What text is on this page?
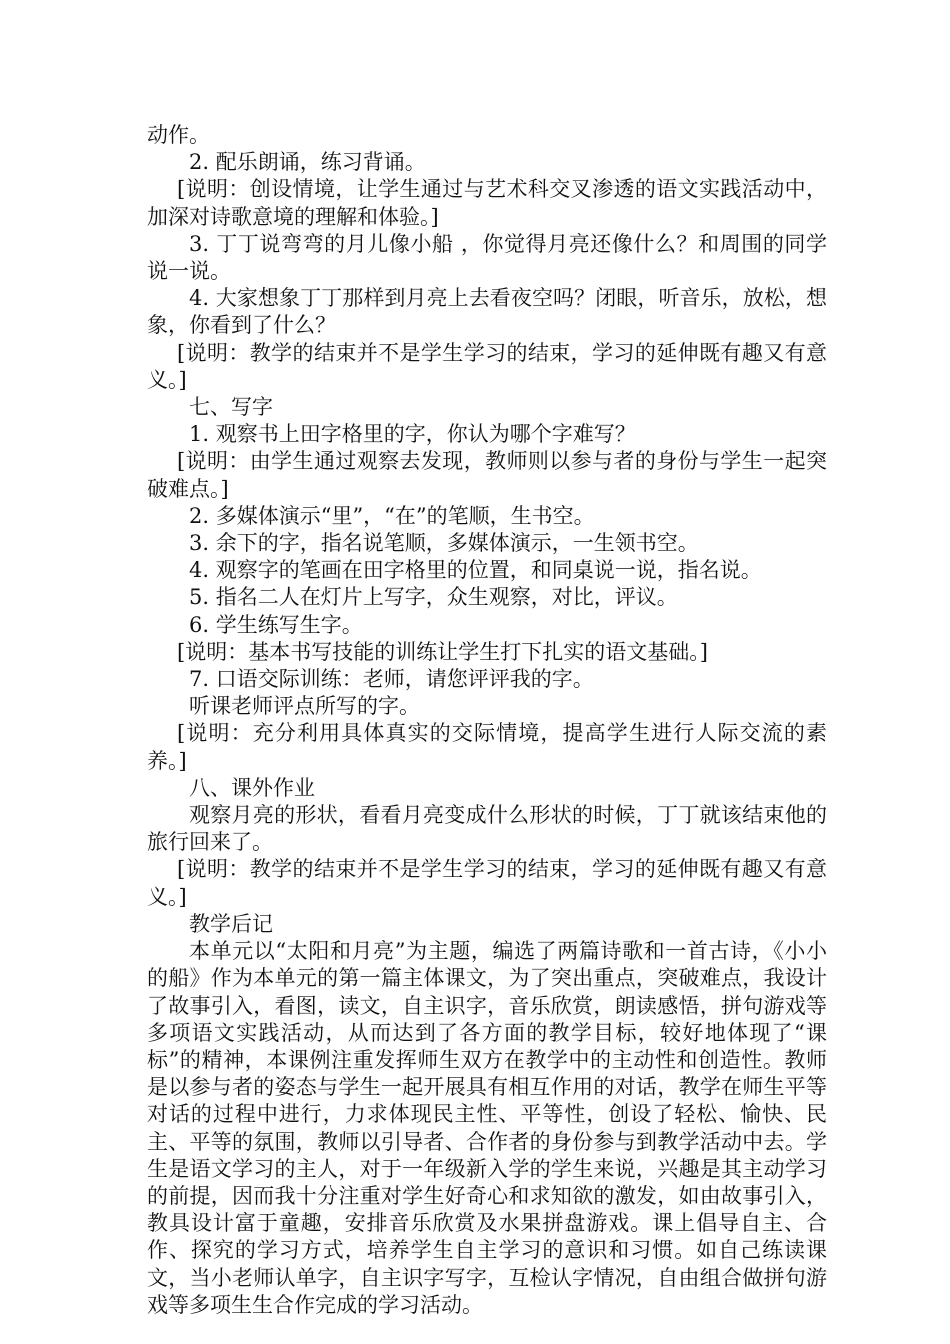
动作。

2. 配乐朗诵，练习背诵。

[说明：创设情境，让学生通过与艺术科交叉渗透的语文实践活动中，加深对诗歌意境的理解和体验。]

3. 丁丁说弯弯的月儿像小船 ，你觉得月亮还像什么？和周围的同学说一说。

4. 大家想象丁丁那样到月亮上去看夜空吗？闭眼，听音乐，放松，想象，你看到了什么？

[说明：教学的结束并不是学生学习的结束，学习的延伸既有趣又有意义。]

七、写字

1. 观察书上田字格里的字，你认为哪个字难写？

[说明：由学生通过观察去发现，教师则以参与者的身份与学生一起突破难点。]

2. 多媒体演示“里”，“在”的笔顺，生书空。

3. 余下的字，指名说笔顺，多媒体演示，一生领书空。

4. 观察字的笔画在田字格里的位置，和同桌说一说，指名说。

5. 指名二人在灯片上写字，众生观察，对比，评议。

6. 学生练写生字。

[说明：基本书写技能的训练让学生打下扎实的语文基础。]

7. 口语交际训练：老师，请您评评我的字。

听课老师评点所写的字。

[说明：充分利用具体真实的交际情境，提高学生进行人际交流的素养。]

八、课外作业

观察月亮的形状，看看月亮变成什么形状的时候，丁丁就该结束他的旅行回来了。

[说明：教学的结束并不是学生学习的结束，学习的延伸既有趣又有意义。]

教学后记

本单元以“太阳和月亮”为主题，编选了两篇诗歌和一首古诗，《小小的船》作为本单元的第一篇主体课文，为了突出重点，突破难点，我设计了故事引入，看图，读文，自主识字，音乐欣赏，朗读感悟，拼句游戏等多项语文实践活动，从而达到了各方面的教学目标，较好地体现了“课标”的精神，本课例注重发挥师生双方在教学中的主动性和创造性。教师是以参与者的姿态与学生一起开展具有相互作用的对话，教学在师生平等对话的过程中进行，力求体现民主性、平等性，创设了轻松、愉快、民主、平等的氛围，教师以引导者、合作者的身份参与到教学活动中去。学生是语文学习的主人，对于一年级新入学的学生来说，兴趣是其主动学习的前提，因而我十分注重对学生好奇心和求知欲的激发，如由故事引入，教具设计富于童趣，安排音乐欣赏及水果拼盘游戏。课上倡导自主、合作、探究的学习方式，培养学生自主学习的意识和习惯。如自己练读课文，当小老师认单字，自主识字写字，互检认字情况，自由组合做拼句游戏等多项生生合作完成的学习活动。
